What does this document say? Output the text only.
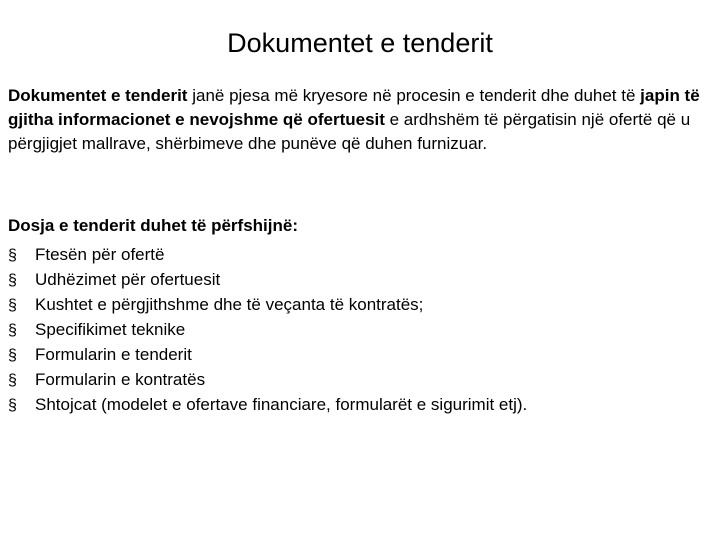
Dokumentet e tenderit

Dokumentet e tenderit janë pjesa më kryesore në procesin e tenderit dhe duhet të japin të gjitha informacionet e nevojshme që ofertuesit e ardhshëm të përgatisin një ofertë që u përgjigjet mallrave, shërbimeve dhe punëve që duhen furnizuar.

Dosja e tenderit duhet të përfshijnë:

§	Ftesën për ofertë
§	Udhëzimet për ofertuesit
§	Kushtet e përgjithshme dhe të veçanta të kontratës;
§	Specifikimet teknike
§	Formularin e tenderit
§	Formularin e kontratës
§	Shtojcat (modelet e ofertave financiare, formularët e sigurimit etj).
